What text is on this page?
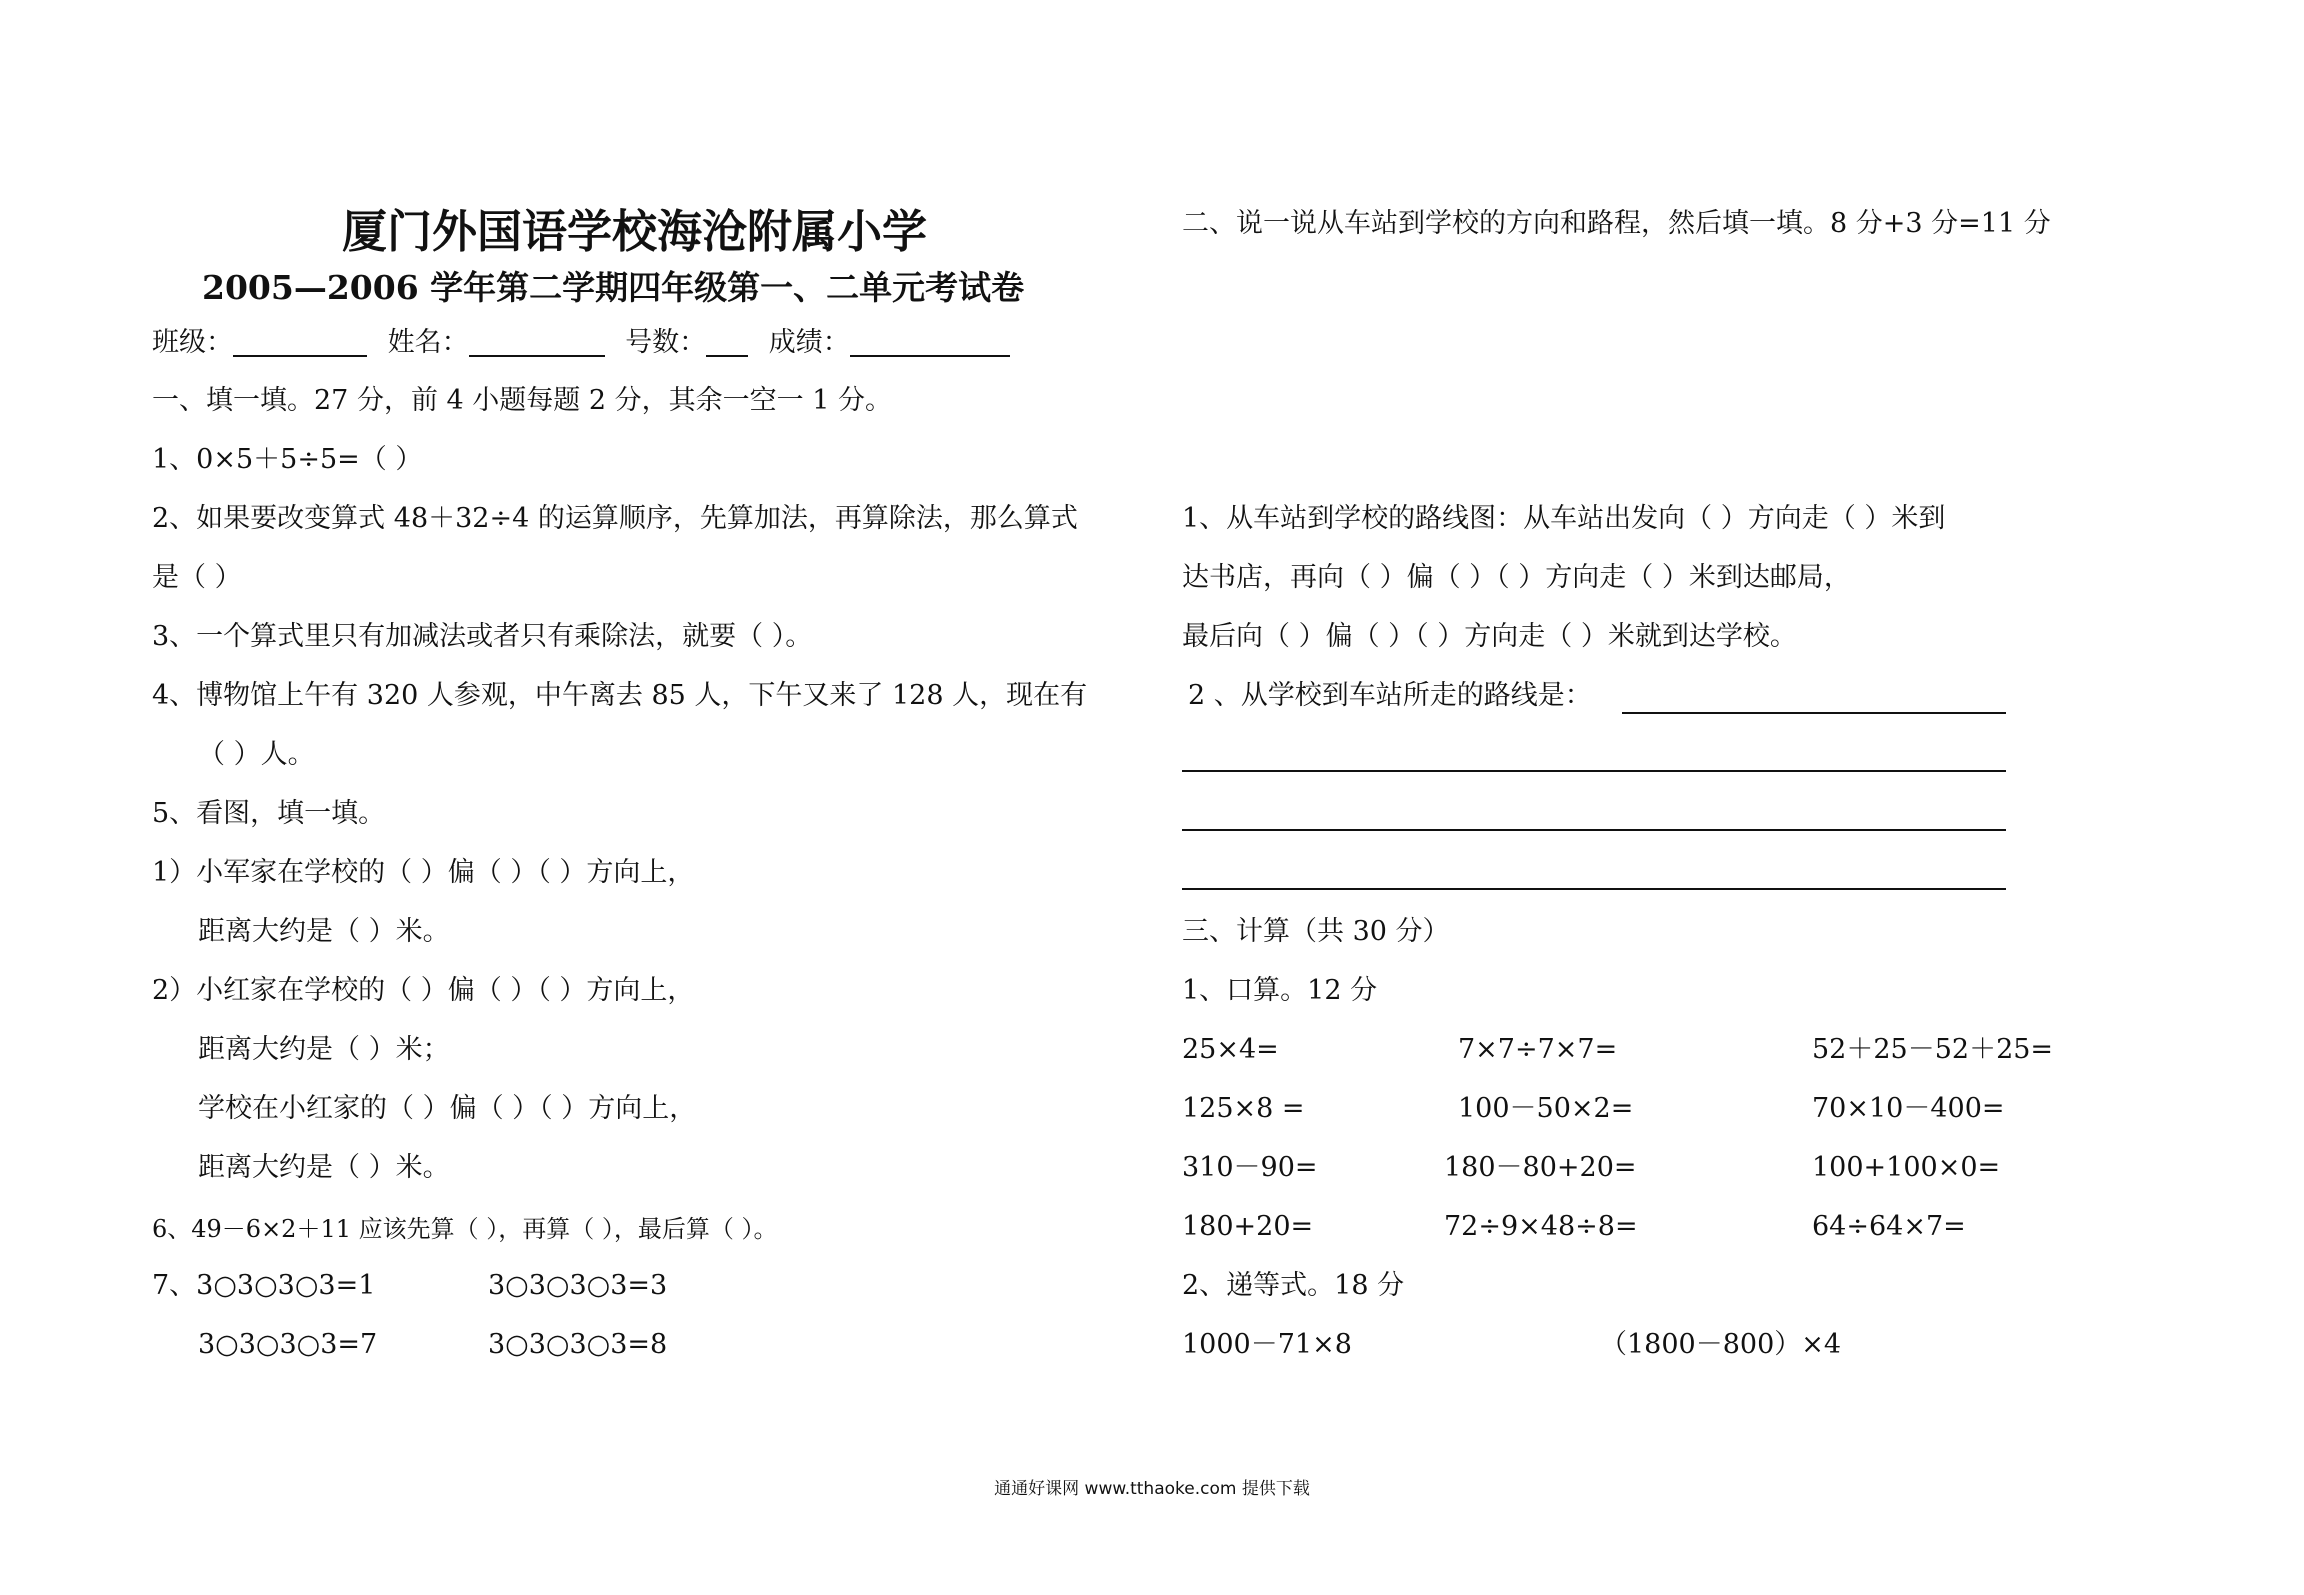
厦门外国语学校海沧附属小学
2005—2006 学年第二学期四年级第一、二单元考试卷
班级：	姓名：	号数： 成绩：
一、填一填。27 分，前 4 小题每题 2 分，其余一空一 1 分。
1、0×5＋5÷5=（ ）
2、如果要改变算式 48＋32÷4 的运算顺序，先算加法，再算除法，那么算式
是（ ）
3、一个算式里只有加减法或者只有乘除法，就要（ ）。
4、博物馆上午有 320 人参观，中午离去 85 人，下午又来了 128 人，现在有
（ ）人。
5、看图，填一填。
1）小军家在学校的（ ）偏（ ）（ ）方向上，
距离大约是（ ）米。
2）小红家在学校的（ ）偏（ ）（ ）方向上，
距离大约是（ ）米；
学校在小红家的（ ）偏（ ）（ ）方向上，
距离大约是（ ）米。
6、49－6×2＋11 应该先算（ ），再算（ ），最后算（ ）。
7、3○3○3○3=1	3○3○3○3=3
3○3○3○3=7	3○3○3○3=8
二、说一说从车站到学校的方向和路程，然后填一填。8 分+3 分=11 分
1、从车站到学校的路线图：从车站出发向（ ）方向走（ ）米到
达书店，再向（ ）偏（ ）（ ）方向走（ ）米到达邮局，
最后向（ ）偏（ ）（ ）方向走（ ）米就到达学校。
2 、从学校到车站所走的路线是：
三、计算（共 30 分）
1、口算。12 分
25×4=	7×7÷7×7=	52＋25－52＋25=
125×8 =	100－50×2=	70×10－400=
310－90=	180－80+20=	100+100×0=
180+20=	72÷9×48÷8=	64÷64×7=
2、递等式。18 分
1000－71×8	（1800－800）×4
通通好课网 www.tthaoke.com 提供下载
